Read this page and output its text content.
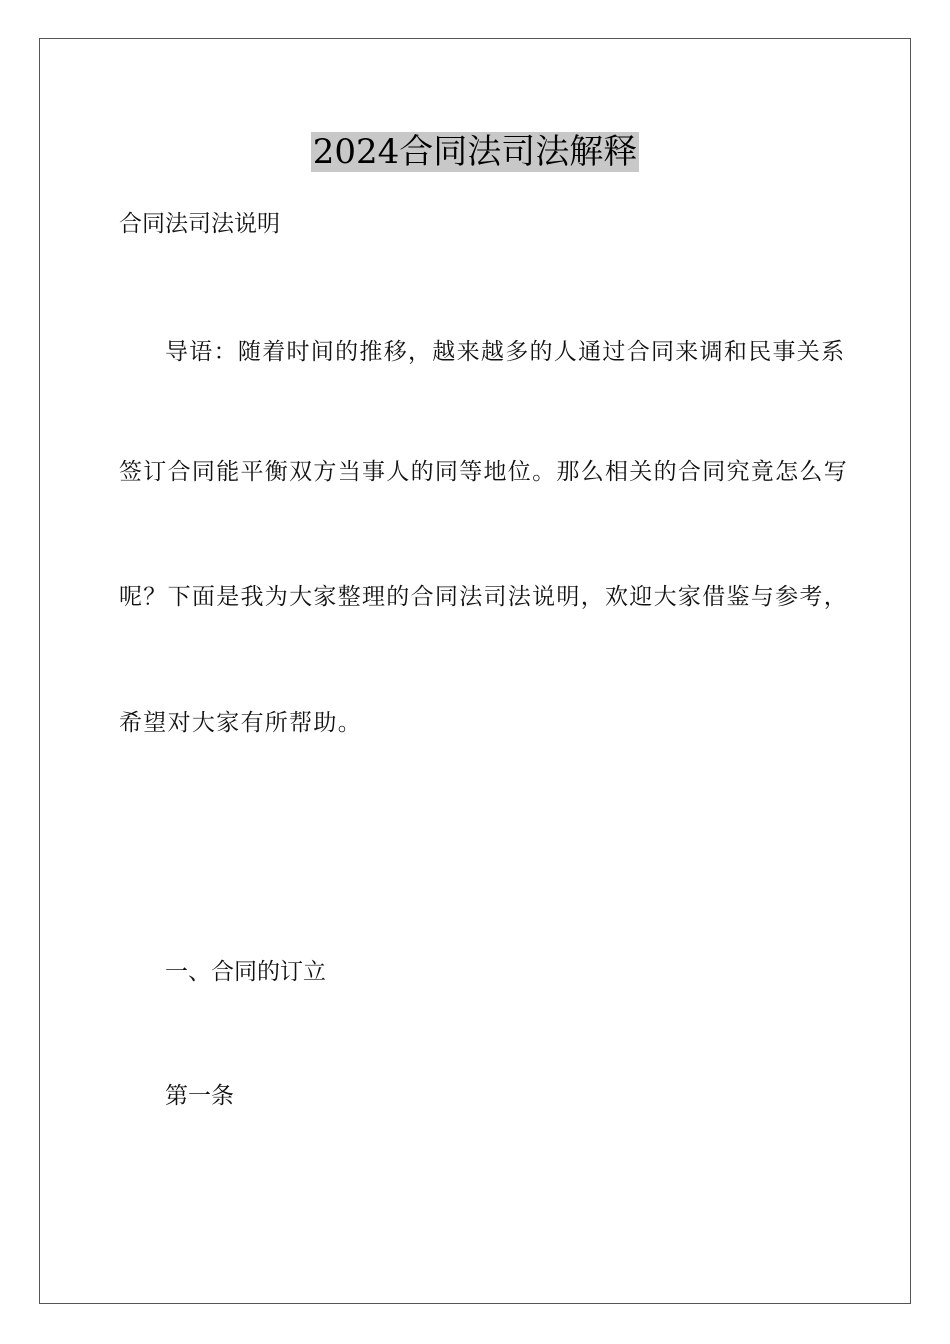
2024合同法司法解释
合同法司法说明
导语：随着时间的推移，越来越多的人通过合同来调和民事关系
签订合同能平衡双方当事人的同等地位。那么相关的合同究竟怎么写
呢？下面是我为大家整理的合同法司法说明，欢迎大家借鉴与参考，
希望对大家有所帮助。
一、合同的订立
第一条
